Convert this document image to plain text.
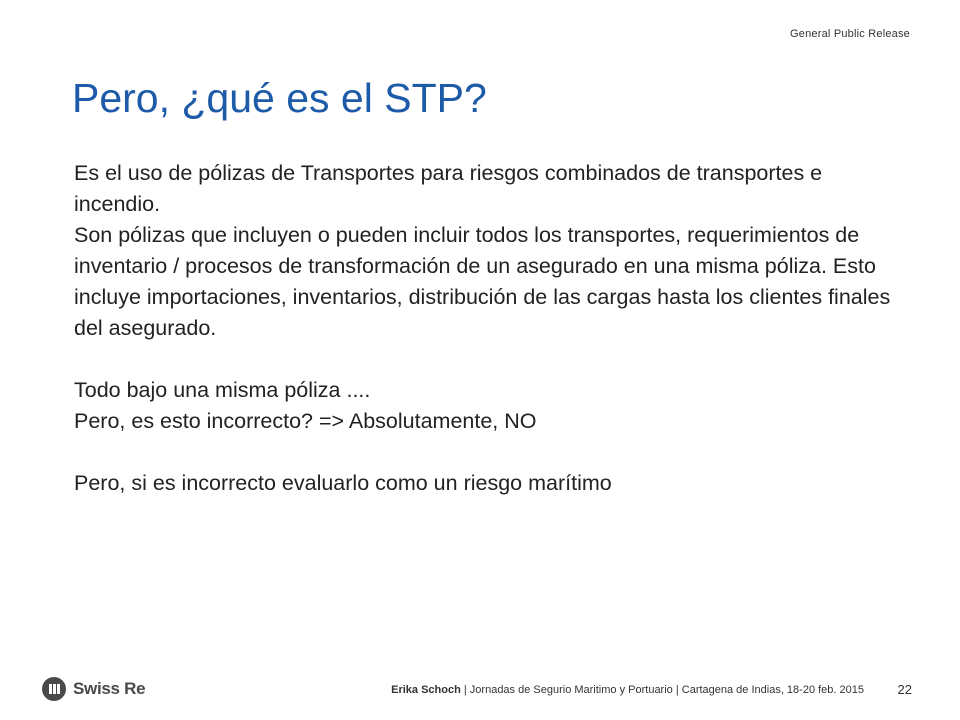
General Public Release
Pero, ¿qué es el STP?

Es el uso de pólizas de Transportes para riesgos combinados de transportes e incendio.

Son pólizas que incluyen o pueden incluir todos los transportes, requerimientos de inventario / procesos de transformación de un asegurado en una misma póliza. Esto incluye importaciones, inventarios, distribución de las cargas hasta los clientes finales del asegurado.

Todo bajo una misma póliza ....

Pero, es esto incorrecto? => Absolutamente, NO

Pero, si es incorrecto evaluarlo como un riesgo marítimo

Swiss Re	Erika Schoch | Jornadas de Segurio Maritimo y Portuario | Cartagena de Indias, 18-20 feb. 2015	22
